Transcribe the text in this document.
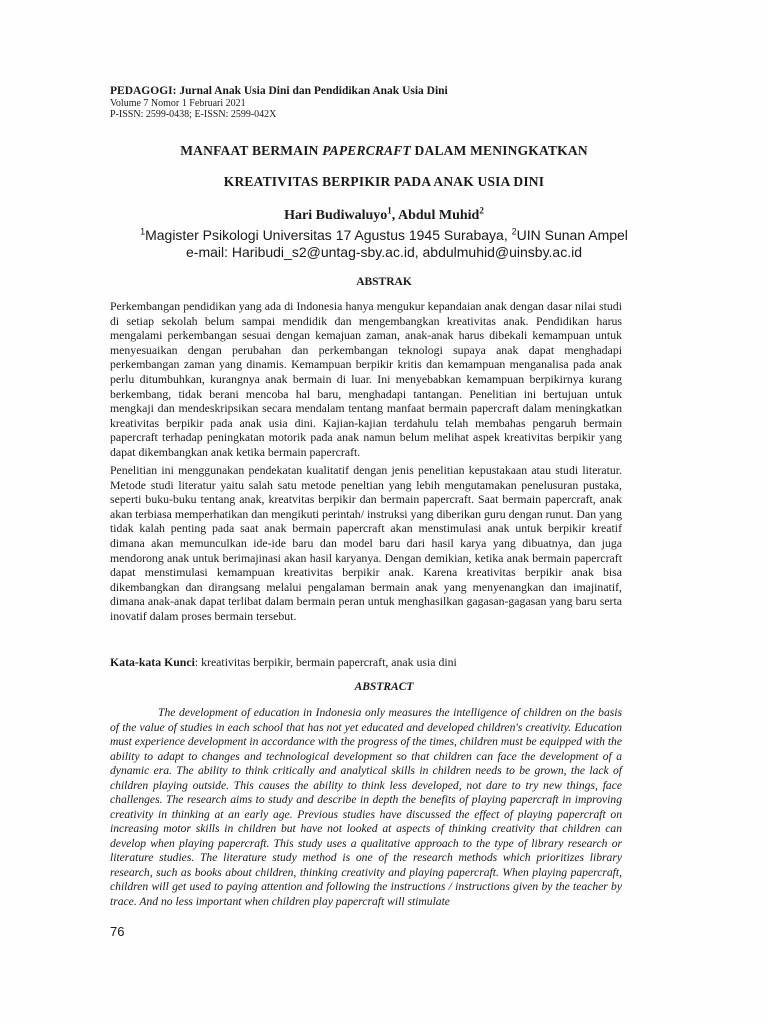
PEDAGOGI: Jurnal Anak Usia Dini dan Pendidikan Anak Usia Dini
Volume 7 Nomor 1 Februari 2021
P-ISSN: 2599-0438; E-ISSN: 2599-042X
MANFAAT BERMAIN PAPERCRAFT DALAM MENINGKATKAN
KREATIVITAS BERPIKIR PADA ANAK USIA DINI
Hari Budiwaluyo$^1$, Abdul Muhid$^2$
$^1$Magister Psikologi Universitas 17 Agustus 1945 Surabaya, $^2$UIN Sunan Ampel
e-mail: Haribudi_s2@untag-sby.ac.id, abdulmuhid@uinsby.ac.id
ABSTRAK

Perkembangan pendidikan yang ada di Indonesia hanya mengukur kepandaian anak dengan dasar nilai studi di setiap sekolah belum sampai mendidik dan mengembangkan kreativitas anak. Pendidikan harus mengalami perkembangan sesuai dengan kemajuan zaman, anak-anak harus dibekali kemampuan untuk menyesuaikan dengan perubahan dan perkembangan teknologi supaya anak dapat menghadapi perkembangan zaman yang dinamis. Kemampuan berpikir kritis dan kemampuan menganalisa pada anak perlu ditumbuhkan, kurangnya anak bermain di luar. Ini menyebabkan kemampuan berpikirnya kurang berkembang, tidak berani mencoba hal baru, menghadapi tantangan. Penelitian ini bertujuan untuk mengkaji dan mendeskripsikan secara mendalam tentang manfaat bermain papercraft dalam meningkatkan kreativitas berpikir pada anak usia dini. Kajian-kajian terdahulu telah membahas pengaruh bermain papercraft terhadap peningkatan motorik pada anak namun belum melihat aspek kreativitas berpikir yang dapat dikembangkan anak ketika bermain papercraft.

Penelitian ini menggunakan pendekatan kualitatif dengan jenis penelitian kepustakaan atau studi literatur. Metode studi literatur yaitu salah satu metode peneltian yang lebih mengutamakan penelusuran pustaka, seperti buku-buku tentang anak, kreatvitas berpikir dan bermain papercraft. Saat bermain papercraft, anak akan terbiasa memperhatikan dan mengikuti perintah/ instruksi yang diberikan guru dengan runut. Dan yang tidak kalah penting pada saat anak bermain papercraft akan menstimulasi anak untuk berpikir kreatif dimana akan memunculkan ide-ide baru dan model baru dari hasil karya yang dibuatnya, dan juga mendorong anak untuk berimajinasi akan hasil karyanya. Dengan demikian, ketika anak bermain papercraft dapat menstimulasi kemampuan kreativitas berpikir anak. Karena kreativitas berpikir anak bisa dikembangkan dan dirangsang melalui pengalaman bermain anak yang menyenangkan dan imajinatif, dimana anak-anak dapat terlibat dalam bermain peran untuk menghasilkan gagasan-gagasan yang baru serta inovatif dalam proses bermain tersebut.

Kata-kata Kunci: kreativitas berpikir, bermain papercraft, anak usia dini
ABSTRACT

The development of education in Indonesia only measures the intelligence of children on the basis of the value of studies in each school that has not yet educated and developed children's creativity. Education must experience development in accordance with the progress of the times, children must be equipped with the ability to adapt to changes and technological development so that children can face the development of a dynamic era. The ability to think critically and analytical skills in children needs to be grown, the lack of children playing outside. This causes the ability to think less developed, not dare to try new things, face challenges. The research aims to study and describe in depth the benefits of playing papercraft in improving creativity in thinking at an early age. Previous studies have discussed the effect of playing papercraft on increasing motor skills in children but have not looked at aspects of thinking creativity that children can develop when playing papercraft. This study uses a qualitative approach to the type of library research or literature studies. The literature study method is one of the research methods which prioritizes library research, such as books about children, thinking creativity and playing papercraft. When playing papercraft, children will get used to paying attention and following the instructions / instructions given by the teacher by trace. And no less important when children play papercraft will stimulate

76
